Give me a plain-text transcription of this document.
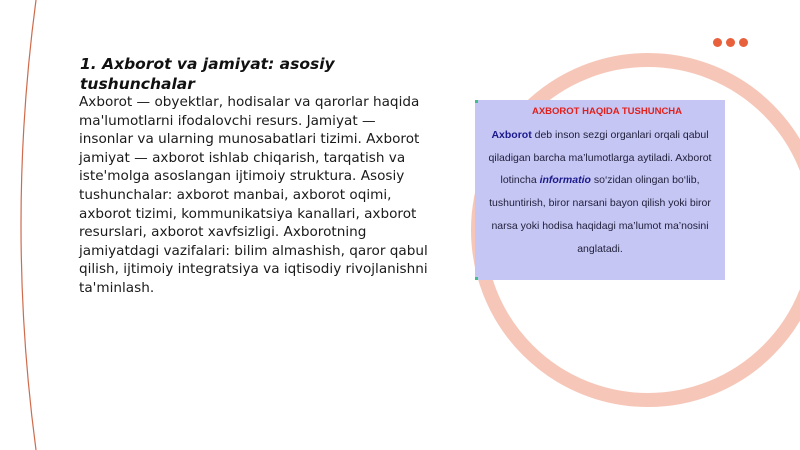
1. Axborot va jamiyat: asosiy tushunchalar

Axborot — obyektlar, hodisalar va qarorlar haqida ma'lumotlarni ifodalovchi resurs. Jamiyat — insonlar va ularning munosabatlari tizimi. Axborot jamiyat — axborot ishlab chiqarish, tarqatish va iste'molga asoslangan ijtimoiy struktura. Asosiy tushunchalar: axborot manbai, axborot oqimi, axborot tizimi, kommunikatsiya kanallari, axborot resurslari, axborot xavfsizligi. Axborotning jamiyatdagi vazifalari: bilim almashish, qaror qabul qilish, ijtimoiy integratsiya va iqtisodiy rivojlanishni ta'minlash.

AXBOROT HAQIDA TUSHUNCHA
Axborot deb inson sezgi organlari orqali qabul qiladigan barcha ma’lumotlarga aytiladi. Axborot lotincha informatio so‘zidan olingan bo‘lib, tushuntirish, biror narsani bayon qilish yoki biror narsa yoki hodisa haqidagi ma’lumot ma’nosini anglatadi.
